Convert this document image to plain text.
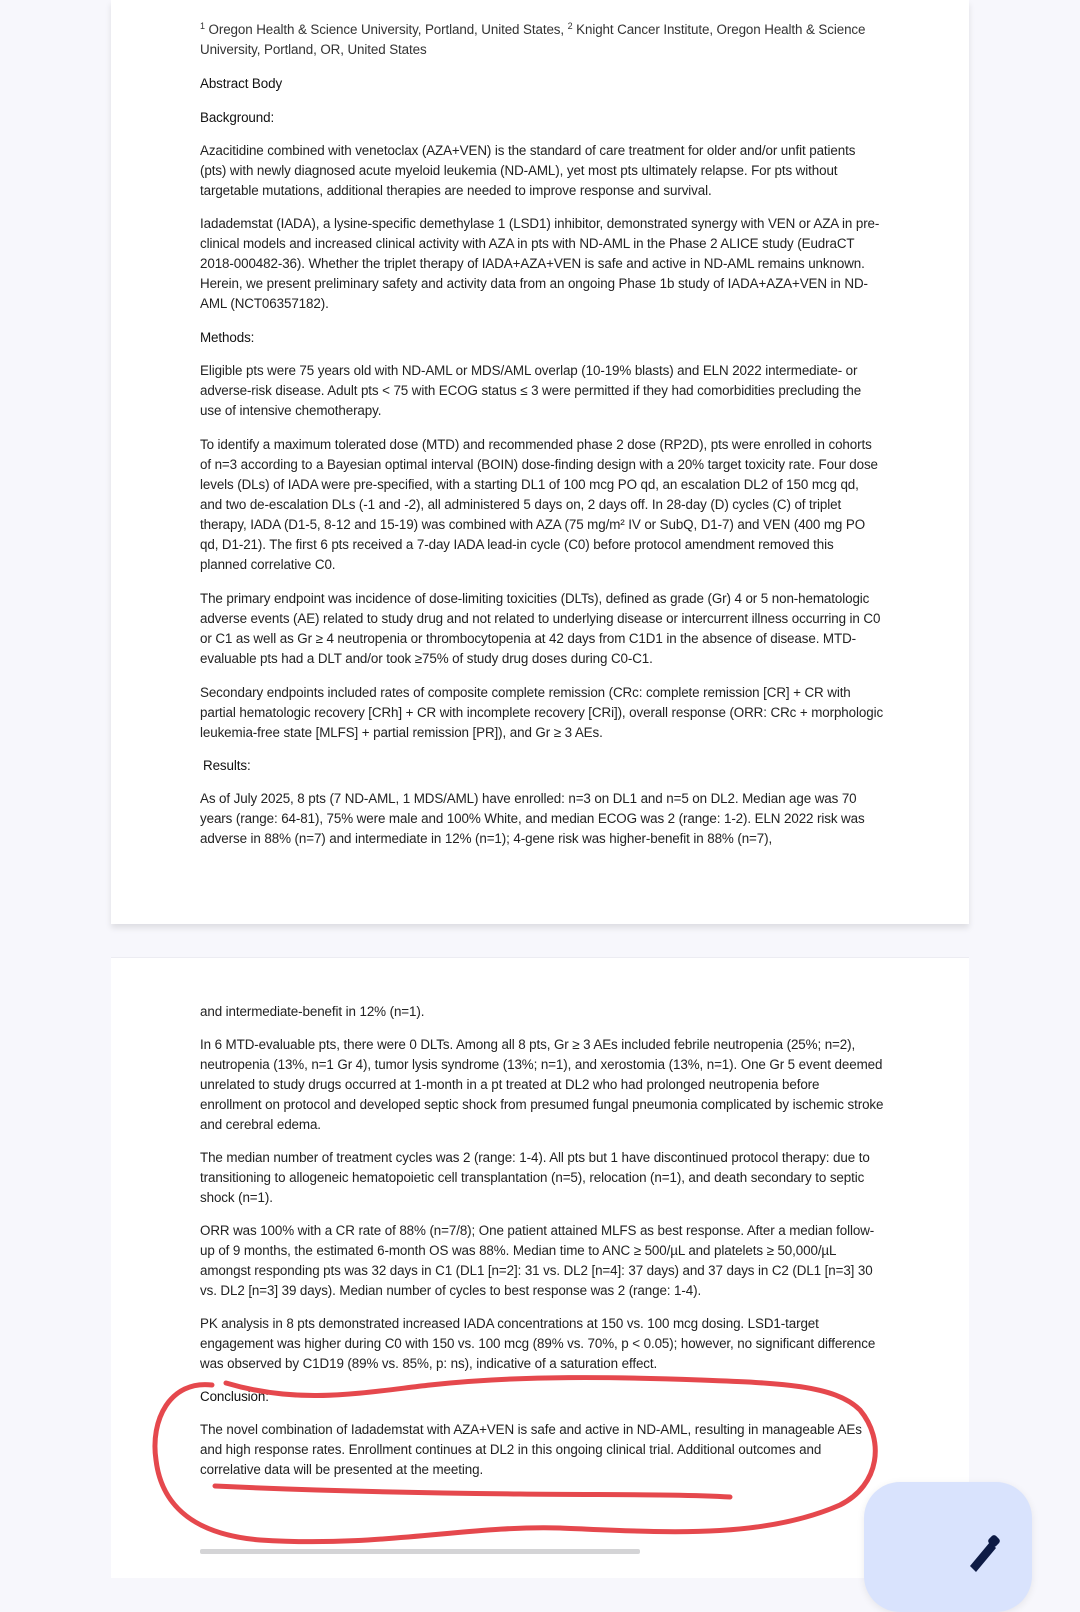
$^1$ Oregon Health & Science University, Portland, United States, $^2$ Knight Cancer Institute, Oregon Health & Science University, Portland, OR, United States

Abstract Body
Background:

Azacitidine combined with venetoclax (AZA+VEN) is the standard of care treatment for older and/or unfit patients (pts) with newly diagnosed acute myeloid leukemia (ND-AML), yet most pts ultimately relapse. For pts without targetable mutations, additional therapies are needed to improve response and survival.

Iadademstat (IADA), a lysine-specific demethylase 1 (LSD1) inhibitor, demonstrated synergy with VEN or AZA in pre-clinical models and increased clinical activity with AZA in pts with ND-AML in the Phase 2 ALICE study (EudraCT 2018-000482-36). Whether the triplet therapy of IADA+AZA+VEN is safe and active in ND-AML remains unknown. Herein, we present preliminary safety and activity data from an ongoing Phase 1b study of IADA+AZA+VEN in ND-AML (NCT06357182).

Methods:

Eligible pts were 75 years old with ND-AML or MDS/AML overlap (10-19% blasts) and ELN 2022 intermediate- or adverse-risk disease. Adult pts < 75 with ECOG status ≤ 3 were permitted if they had comorbidities precluding the use of intensive chemotherapy.

To identify a maximum tolerated dose (MTD) and recommended phase 2 dose (RP2D), pts were enrolled in cohorts of n=3 according to a Bayesian optimal interval (BOIN) dose-finding design with a 20% target toxicity rate. Four dose levels (DLs) of IADA were pre-specified, with a starting DL1 of 100 mcg PO qd, an escalation DL2 of 150 mcg qd, and two de-escalation DLs (-1 and -2), all administered 5 days on, 2 days off. In 28-day (D) cycles (C) of triplet therapy, IADA (D1-5, 8-12 and 15-19) was combined with AZA (75 mg/m² IV or SubQ, D1-7) and VEN (400 mg PO qd, D1-21). The first 6 pts received a 7-day IADA lead-in cycle (C0) before protocol amendment removed this planned correlative C0.

The primary endpoint was incidence of dose-limiting toxicities (DLTs), defined as grade (Gr) 4 or 5 non-hematologic adverse events (AE) related to study drug and not related to underlying disease or intercurrent illness occurring in C0 or C1 as well as Gr ≥ 4 neutropenia or thrombocytopenia at 42 days from C1D1 in the absence of disease. MTD-evaluable pts had a DLT and/or took ≥75% of study drug doses during C0-C1.

Secondary endpoints included rates of composite complete remission (CRc: complete remission [CR] + CR with partial hematologic recovery [CRh] + CR with incomplete recovery [CRi]), overall response (ORR: CRc + morphologic leukemia-free state [MLFS] + partial remission [PR]), and Gr ≥ 3 AEs.

Results:

As of July 2025, 8 pts (7 ND-AML, 1 MDS/AML) have enrolled: n=3 on DL1 and n=5 on DL2. Median age was 70 years (range: 64-81), 75% were male and 100% White, and median ECOG was 2 (range: 1-2). ELN 2022 risk was adverse in 88% (n=7) and intermediate in 12% (n=1); 4-gene risk was higher-benefit in 88% (n=7),

and intermediate-benefit in 12% (n=1).

In 6 MTD-evaluable pts, there were 0 DLTs. Among all 8 pts, Gr ≥ 3 AEs included febrile neutropenia (25%; n=2), neutropenia (13%, n=1 Gr 4), tumor lysis syndrome (13%; n=1), and xerostomia (13%, n=1). One Gr 5 event deemed unrelated to study drugs occurred at 1-month in a pt treated at DL2 who had prolonged neutropenia before enrollment on protocol and developed septic shock from presumed fungal pneumonia complicated by ischemic stroke and cerebral edema.

The median number of treatment cycles was 2 (range: 1-4). All pts but 1 have discontinued protocol therapy: due to transitioning to allogeneic hematopoietic cell transplantation (n=5), relocation (n=1), and death secondary to septic shock (n=1).

ORR was 100% with a CR rate of 88% (n=7/8); One patient attained MLFS as best response. After a median follow-up of 9 months, the estimated 6-month OS was 88%. Median time to ANC ≥ 500/µL and platelets ≥ 50,000/µL amongst responding pts was 32 days in C1 (DL1 [n=2]: 31 vs. DL2 [n=4]: 37 days) and 37 days in C2 (DL1 [n=3] 30 vs. DL2 [n=3] 39 days). Median number of cycles to best response was 2 (range: 1-4).

PK analysis in 8 pts demonstrated increased IADA concentrations at 150 vs. 100 mcg dosing. LSD1-target engagement was higher during C0 with 150 vs. 100 mcg (89% vs. 70%, p < 0.05); however, no significant difference was observed by C1D19 (89% vs. 85%, p: ns), indicative of a saturation effect.

Conclusion:

The novel combination of Iadademstat with AZA+VEN is safe and active in ND-AML, resulting in manageable AEs and high response rates. Enrollment continues at DL2 in this ongoing clinical trial. Additional outcomes and correlative data will be presented at the meeting.
